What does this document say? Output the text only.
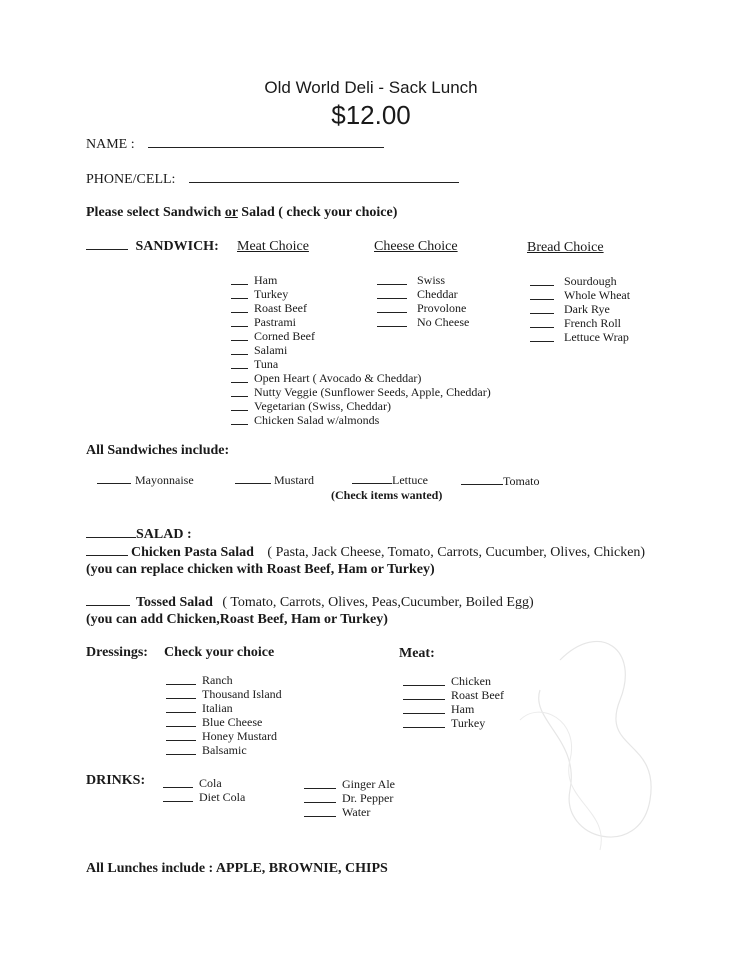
Old World Deli - Sack Lunch
$12.00
NAME :
PHONE/CELL:
Please select Sandwich or Salad ( check your choice)
SANDWICH: Meat Choice	Cheese Choice	Bread Choice
Ham
Turkey
Roast Beef
Pastrami
Corned Beef
Salami
Tuna
Open Heart ( Avocado & Cheddar)
Nutty Veggie (Sunflower Seeds, Apple, Cheddar)
Vegetarian (Swiss, Cheddar)
Chicken Salad w/almonds
Swiss
Cheddar
Provolone
No Cheese
Sourdough
Whole Wheat
Dark Rye
French Roll
Lettuce Wrap
All Sandwiches include:
Mayonnaise	Mustard	Lettuce	Tomato
(Check items wanted)
SALAD :
Chicken Pasta Salad ( Pasta, Jack Cheese, Tomato, Carrots, Cucumber, Olives, Chicken)
(you can replace chicken with Roast Beef, Ham or Turkey)
Tossed Salad ( Tomato, Carrots, Olives, Peas,Cucumber, Boiled Egg)
(you can add Chicken,Roast Beef, Ham or Turkey)
Dressings: Check your choice
Ranch
Thousand Island
Italian
Blue Cheese
Honey Mustard
Balsamic
Meat:
Chicken
Roast Beef
Ham
Turkey
DRINKS:	Cola
Diet Cola
Ginger Ale
Dr. Pepper
Water
All Lunches include : APPLE, BROWNIE, CHIPS
